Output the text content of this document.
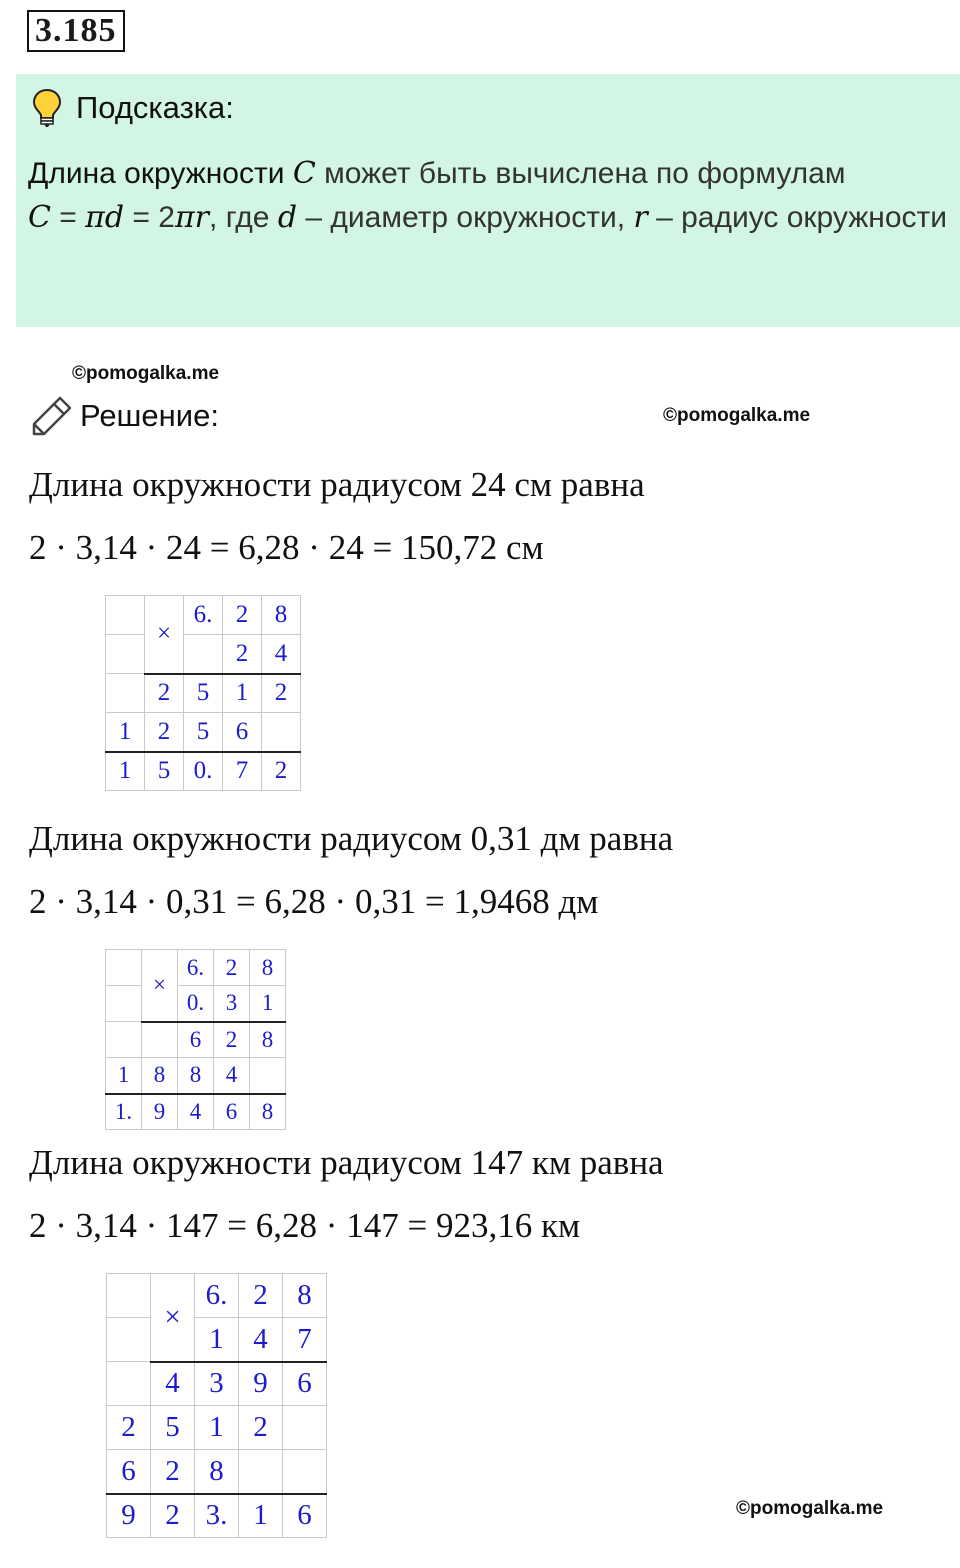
3.185
Подсказка:
Длина окружности C может быть вычислена по формулам
C = πd = 2πr, где d – диаметр окружности, r – радиус окружности
©pomogalka.me
©pomogalka.me
©pomogalka.me
Решение:
Длина окружности радиусом 24 см равна
2 · 3,14 · 24 = 6,28 · 24 = 150,72 см
	×	6.	2	8
			2	4
	2	5	1	2
1	2	5	6	
1	5	0.	7	2
Длина окружности радиусом 0,31 дм равна
2 · 3,14 · 0,31 = 6,28 · 0,31 = 1,9468 дм
	×	6.	2	8
		0.	3	1
		6	2	8
1	8	8	4	
1.	9	4	6	8
Длина окружности радиусом 147 км равна
2 · 3,14 · 147 = 6,28 · 147 = 923,16 км
	×	6.	2	8
		1	4	7
	4	3	9	6
2	5	1	2	
6	2	8		
9	2	3.	1	6
